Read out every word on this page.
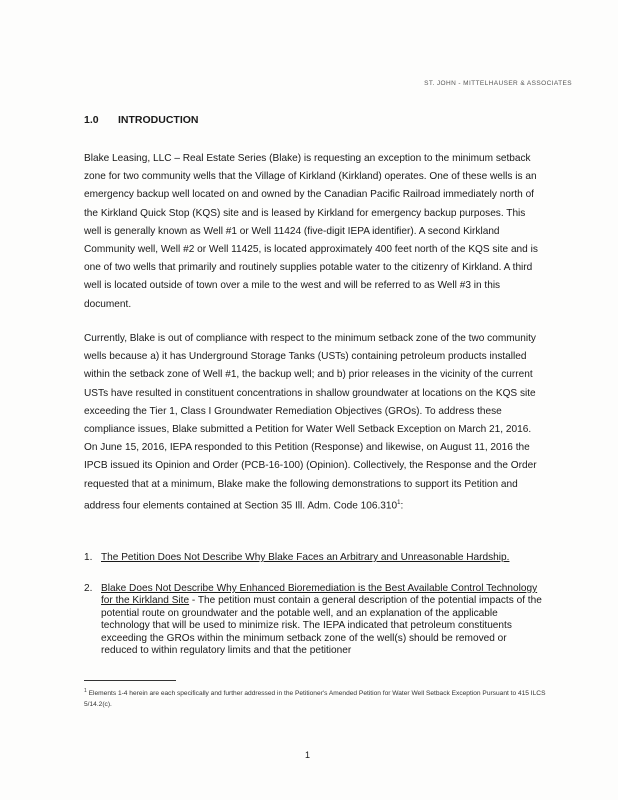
ST. JOHN - MITTELHAUSER & ASSOCIATES
1.0 INTRODUCTION

Blake Leasing, LLC – Real Estate Series (Blake) is requesting an exception to the minimum setback zone for two community wells that the Village of Kirkland (Kirkland) operates. One of these wells is an emergency backup well located on and owned by the Canadian Pacific Railroad immediately north of the Kirkland Quick Stop (KQS) site and is leased by Kirkland for emergency backup purposes. This well is generally known as Well #1 or Well 11424 (five-digit IEPA identifier). A second Kirkland Community well, Well #2 or Well 11425, is located approximately 400 feet north of the KQS site and is one of two wells that primarily and routinely supplies potable water to the citizenry of Kirkland. A third well is located outside of town over a mile to the west and will be referred to as Well #3 in this document.

Currently, Blake is out of compliance with respect to the minimum setback zone of the two community wells because a) it has Underground Storage Tanks (USTs) containing petroleum products installed within the setback zone of Well #1, the backup well; and b) prior releases in the vicinity of the current USTs have resulted in constituent concentrations in shallow groundwater at locations on the KQS site exceeding the Tier 1, Class I Groundwater Remediation Objectives (GROs). To address these compliance issues, Blake submitted a Petition for Water Well Setback Exception on March 21, 2016. On June 15, 2016, IEPA responded to this Petition (Response) and likewise, on August 11, 2016 the IPCB issued its Opinion and Order (PCB-16-100) (Opinion). Collectively, the Response and the Order requested that at a minimum, Blake make the following demonstrations to support its Petition and address four elements contained at Section 35 Ill. Adm. Code 106.310$^1$:

1. The Petition Does Not Describe Why Blake Faces an Arbitrary and Unreasonable Hardship.
2. Blake Does Not Describe Why Enhanced Bioremediation is the Best Available Control Technology for the Kirkland Site - The petition must contain a general description of the potential impacts of the potential route on groundwater and the potable well, and an explanation of the applicable technology that will be used to minimize risk. The IEPA indicated that petroleum constituents exceeding the GROs within the minimum setback zone of the well(s) should be removed or reduced to within regulatory limits and that the petitioner
$^1$ Elements 1-4 herein are each specifically and further addressed in the Petitioner's Amended Petition for Water Well Setback Exception Pursuant to 415 ILCS 5/14.2(c).
1
